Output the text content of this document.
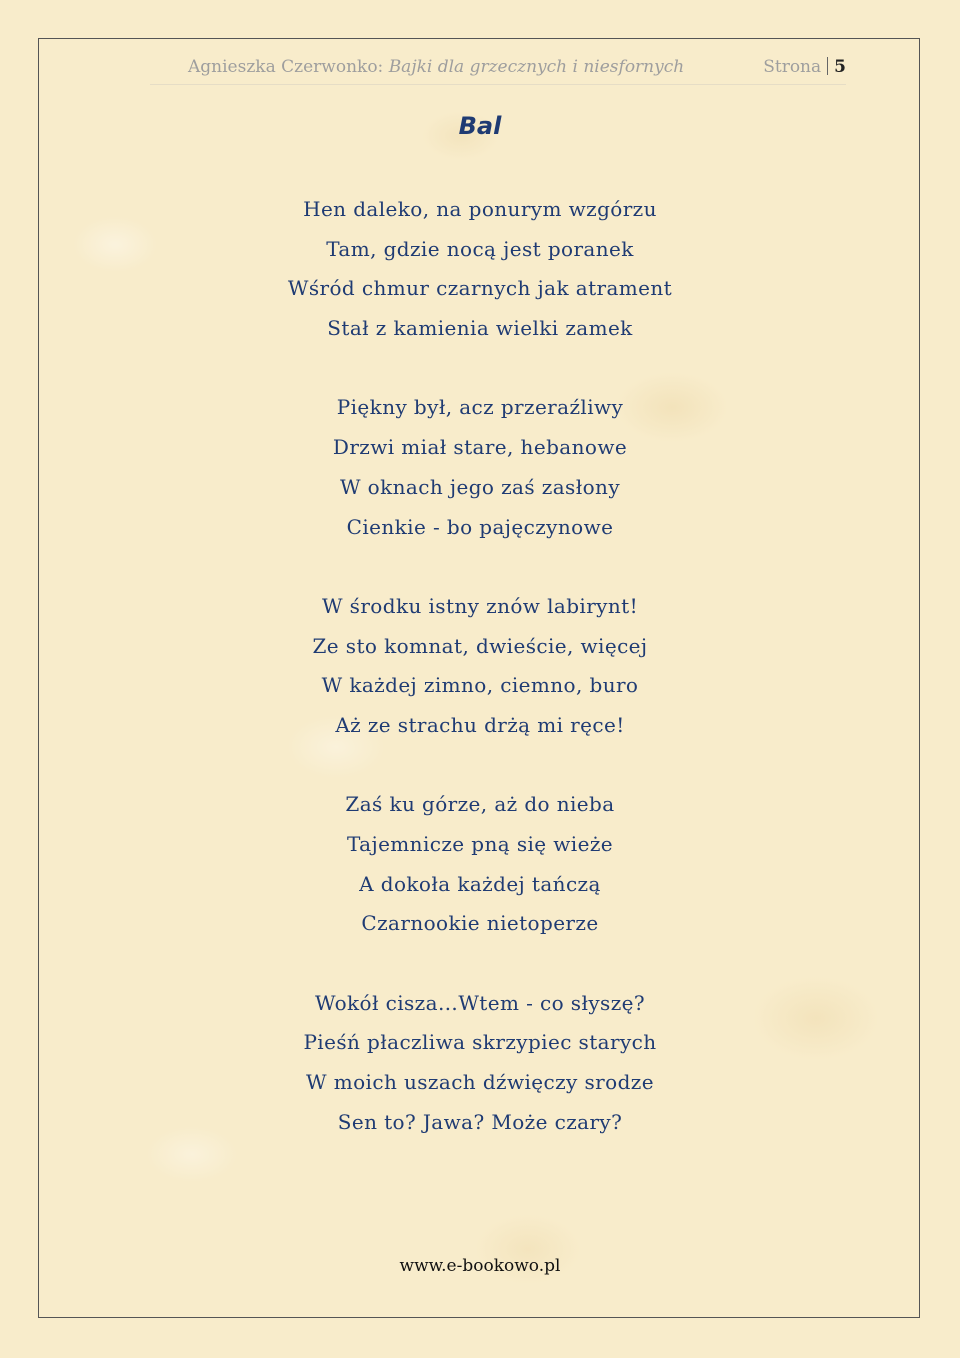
Agnieszka Czerwonko: Bajki dla grzecznych i niesfornych	Strona 5
Bal
Hen daleko, na ponurym wzgórzu
Tam, gdzie nocą jest poranek
Wśród chmur czarnych jak atrament
Stał z kamienia wielki zamek
Piękny był, acz przeraźliwy
Drzwi miał stare, hebanowe
W oknach jego zaś zasłony
Cienkie - bo pajęczynowe
W środku istny znów labirynt!
Ze sto komnat, dwieście, więcej
W każdej zimno, ciemno, buro
Aż ze strachu drżą mi ręce!
Zaś ku górze, aż do nieba
Tajemnicze pną się wieże
A dokoła każdej tańczą
Czarnookie nietoperze
Wokół cisza…Wtem - co słyszę?
Pieśń płaczliwa skrzypiec starych
W moich uszach dźwięczy srodze
Sen to? Jawa? Może czary?
www.e-bookowo.pl
